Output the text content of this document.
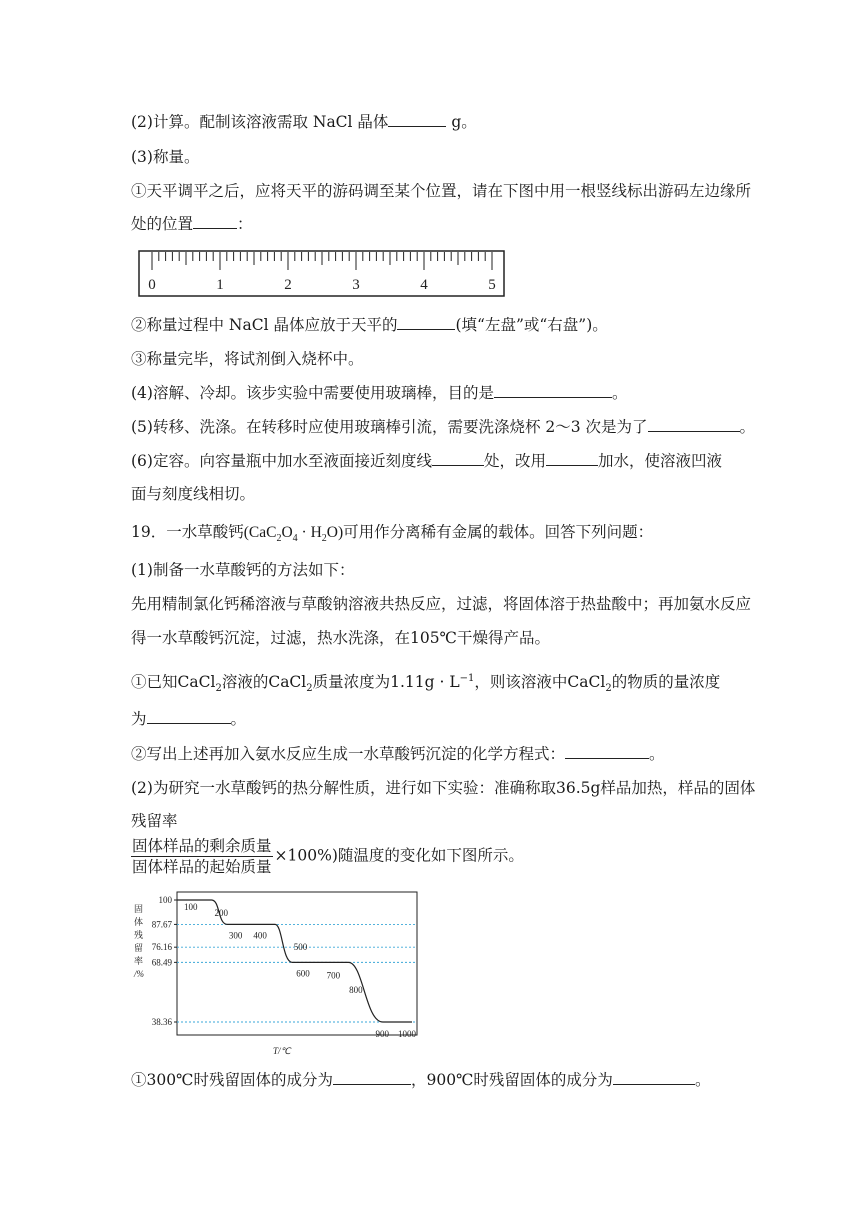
(2)计算。配制该溶液需取 NaCl 晶体	g。
(3)称量。
①天平调平之后，应将天平的游码调至某个位置，请在下图中用一根竖线标出游码左边缘所
处的位置	：
0	1	2	3	4	5
②称量过程中 NaCl 晶体应放于天平的	(填“左盘”或“右盘”)。
③称量完毕，将试剂倒入烧杯中。
(4)溶解、冷却。该步实验中需要使用玻璃棒，目的是	。
(5)转移、洗涤。在转移时应使用玻璃棒引流，需要洗涤烧杯 2～3 次是为了	。
(6)定容。向容量瓶中加水至液面接近刻度线	处，改用	加水，使溶液凹液
面与刻度线相切。
19．一水草酸钙$(CaC_2O_4 \cdot H_2O)$可用作分离稀有金属的载体。回答下列问题：
(1)制备一水草酸钙的方法如下：
先用精制氯化钙稀溶液与草酸钠溶液共热反应，过滤，将固体溶于热盐酸中；再加氨水反应
得一水草酸钙沉淀，过滤，热水洗涤，在105℃干燥得产品。
①已知CaCl$_2$溶液的CaCl$_2$质量浓度为$1.11g \cdot L^{-1}$，则该溶液中CaCl$_2$的物质的量浓度
为	。
②写出上述再加入氨水反应生成一水草酸钙沉淀的化学方程式：	。
(2)为研究一水草酸钙的热分解性质，进行如下实验：准确称取36.5g样品加热，样品的固体
残留率
$\frac{\text{固体样品的剩余质量}}{\text{固体样品的起始质量}} \times 100\%$)随温度的变化如下图所示。
100
87.67
76.16
68.49
38.36
100
200
300 400
500
600 700
800
900 1000
固体残留率/%
T/℃
①300℃时残留固体的成分为	，900℃时残留固体的成分为	。
